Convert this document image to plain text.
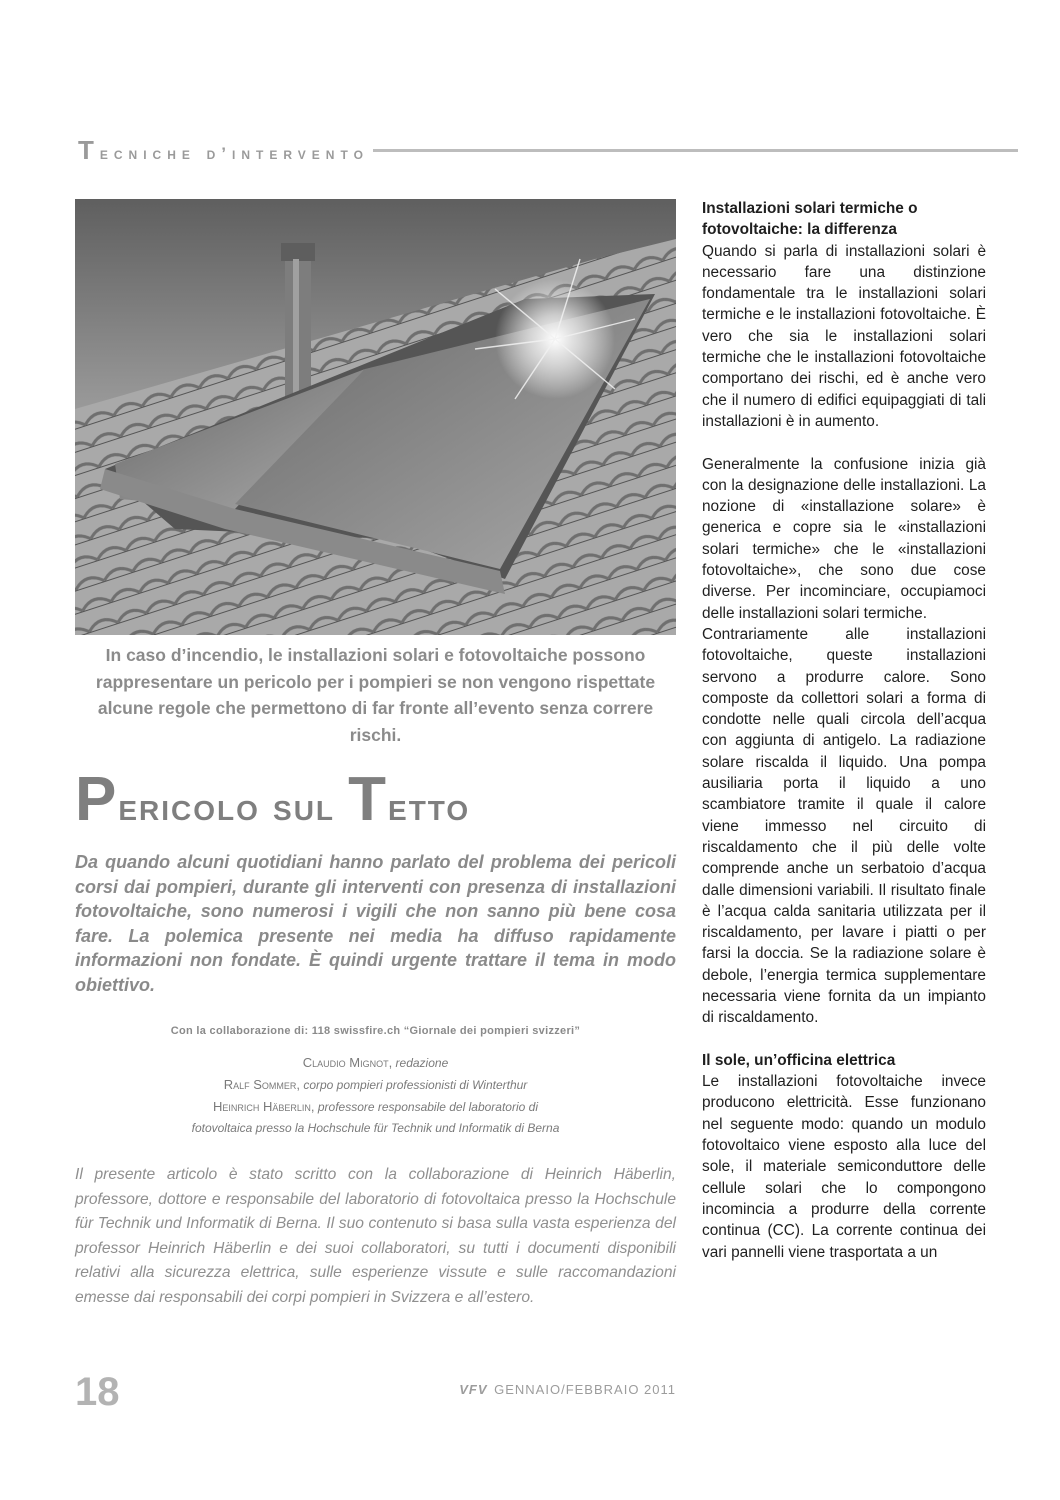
Tecniche d’intervento
In caso d’incendio, le installazioni solari e fotovoltaiche possono rappresentare un pericolo per i pompieri se non vengono rispettate alcune regole che permettono di far fronte all’evento senza correre rischi.
Pericolo sul Tetto

Da quando alcuni quotidiani hanno parlato del problema dei pericoli corsi dai pompieri, durante gli interventi con presenza di installazioni fotovoltaiche, sono numerosi i vigili che non sanno più bene cosa fare. La polemica presente nei media ha diffuso rapidamente informazioni non fondate. È quindi urgente trattare il tema in modo obiettivo.

Con la collaborazione di: 118 swissfire.ch “Giornale dei pompieri svizzeri”
Claudio Mignot, redazione
Ralf Sommer, corpo pompieri professionisti di Winterthur
Heinrich Häberlin, professore responsabile del laboratorio di
fotovoltaica presso la Hochschule für Technik und Informatik di Berna

Il presente articolo è stato scritto con la collaborazione di Heinrich Häberlin, professore, dottore e responsabile del laboratorio di fotovoltaica presso la Hochschule für Technik und Informatik di Berna. Il suo contenuto si basa sulla vasta esperienza del professor Heinrich Häberlin e dei suoi collaboratori, su tutti i documenti disponibili relativi alla sicurezza elettrica, sulle esperienze vissute e sulle raccomandazioni emesse dai responsabili dei corpi pompieri in Svizzera e all’estero.

18	VFV GENNAIO/FEBBRAIO 2011
Installazioni solari termiche o fotovoltaiche: la differenza

Quando si parla di installazioni solari è necessario fare una distinzione fondamentale tra le installazioni solari termiche e le installazioni fotovoltaiche. È vero che sia le installazioni solari termiche che le installazioni fotovoltaiche comportano dei rischi, ed è anche vero che il numero di edifici equipaggiati di tali installazioni è in aumento.

Generalmente la confusione inizia già con la designazione delle installazioni. La nozione di «installazione solare» è generica e copre sia le «installazioni solari termiche» che le «installazioni fotovoltaiche», che sono due cose diverse. Per incominciare, occupiamoci delle installazioni solari termiche.

Contrariamente alle installazioni fotovoltaiche, queste installazioni servono a produrre calore. Sono composte da collettori solari a forma di condotte nelle quali circola dell’acqua con aggiunta di antigelo. La radiazione solare riscalda il liquido. Una pompa ausiliaria porta il liquido a uno scambiatore tramite il quale il calore viene immesso nel circuito di riscaldamento che il più delle volte comprende anche un serbatoio d’acqua dalle dimensioni variabili. Il risultato finale è l’acqua calda sanitaria utilizzata per il riscaldamento, per lavare i piatti o per farsi la doccia. Se la radiazione solare è debole, l’energia termica supplementare necessaria viene fornita da un impianto di riscaldamento.

Il sole, un’officina elettrica

Le installazioni fotovoltaiche invece producono elettricità. Esse funzionano nel seguente modo: quando un modulo fotovoltaico viene esposto alla luce del sole, il materiale semiconduttore delle cellule solari che lo compongono incomincia a produrre della corrente continua (CC). La corrente continua dei vari pannelli viene trasportata a un
